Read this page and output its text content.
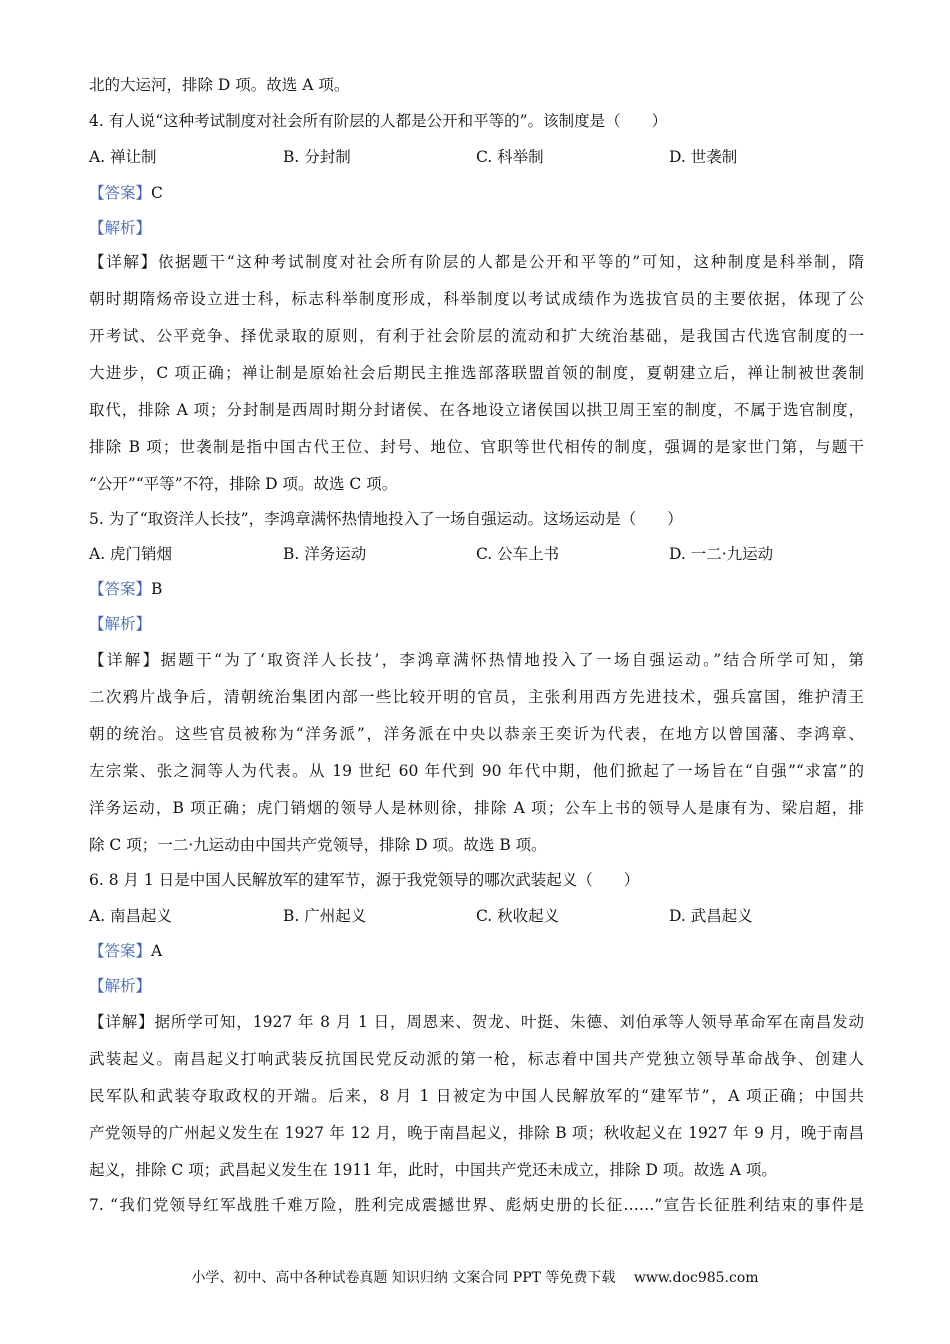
北的大运河，排除 D 项。故选 A 项。
4. 有人说“这种考试制度对社会所有阶层的人都是公开和平等的”。该制度是（　　）
A. 禅让制	B. 分封制	C. 科举制	D. 世袭制
【答案】C
【解析】
【详解】依据题干“这种考试制度对社会所有阶层的人都是公开和平等的”可知，这种制度是科举制，隋
朝时期隋炀帝设立进士科，标志科举制度形成，科举制度以考试成绩作为选拔官员的主要依据，体现了公
开考试、公平竞争、择优录取的原则，有利于社会阶层的流动和扩大统治基础，是我国古代选官制度的一
大进步，C 项正确；禅让制是原始社会后期民主推选部落联盟首领的制度，夏朝建立后，禅让制被世袭制
取代，排除 A 项；分封制是西周时期分封诸侯、在各地设立诸侯国以拱卫周王室的制度，不属于选官制度，
排除 B 项；世袭制是指中国古代王位、封号、地位、官职等世代相传的制度，强调的是家世门第，与题干
“公开”“平等”不符，排除 D 项。故选 C 项。
5. 为了“取资洋人长技”，李鸿章满怀热情地投入了一场自强运动。这场运动是（　　）
A. 虎门销烟	B. 洋务运动	C. 公车上书	D. 一二·九运动
【答案】B
【解析】
【详解】据题干“为了‘取资洋人长技’，李鸿章满怀热情地投入了一场自强运动。”结合所学可知，第
二次鸦片战争后，清朝统治集团内部一些比较开明的官员，主张利用西方先进技术，强兵富国，维护清王
朝的统治。这些官员被称为“洋务派”，洋务派在中央以恭亲王奕䜣为代表，在地方以曾国藩、李鸿章、
左宗棠、张之洞等人为代表。从 19 世纪 60 年代到 90 年代中期，他们掀起了一场旨在“自强”“求富”的
洋务运动，B 项正确；虎门销烟的领导人是林则徐，排除 A 项；公车上书的领导人是康有为、梁启超，排
除 C 项；一二·九运动由中国共产党领导，排除 D 项。故选 B 项。
6. 8 月 1 日是中国人民解放军的建军节，源于我党领导的哪次武装起义（　　）
A. 南昌起义	B. 广州起义	C. 秋收起义	D. 武昌起义
【答案】A
【解析】
【详解】据所学可知，1927 年 8 月 1 日，周恩来、贺龙、叶挺、朱德、刘伯承等人领导革命军在南昌发动
武装起义。南昌起义打响武装反抗国民党反动派的第一枪，标志着中国共产党独立领导革命战争、创建人
民军队和武装夺取政权的开端。后来，8 月 1 日被定为中国人民解放军的“建军节”，A 项正确；中国共
产党领导的广州起义发生在 1927 年 12 月，晚于南昌起义，排除 B 项；秋收起义在 1927 年 9 月，晚于南昌
起义，排除 C 项；武昌起义发生在 1911 年，此时，中国共产党还未成立，排除 D 项。故选 A 项。
7. “我们党领导红军战胜千难万险，胜利完成震撼世界、彪炳史册的长征……”宣告长征胜利结束的事件是
小学、初中、高中各种试卷真题 知识归纳 文案合同 PPT 等免费下载　 www.doc985.com
